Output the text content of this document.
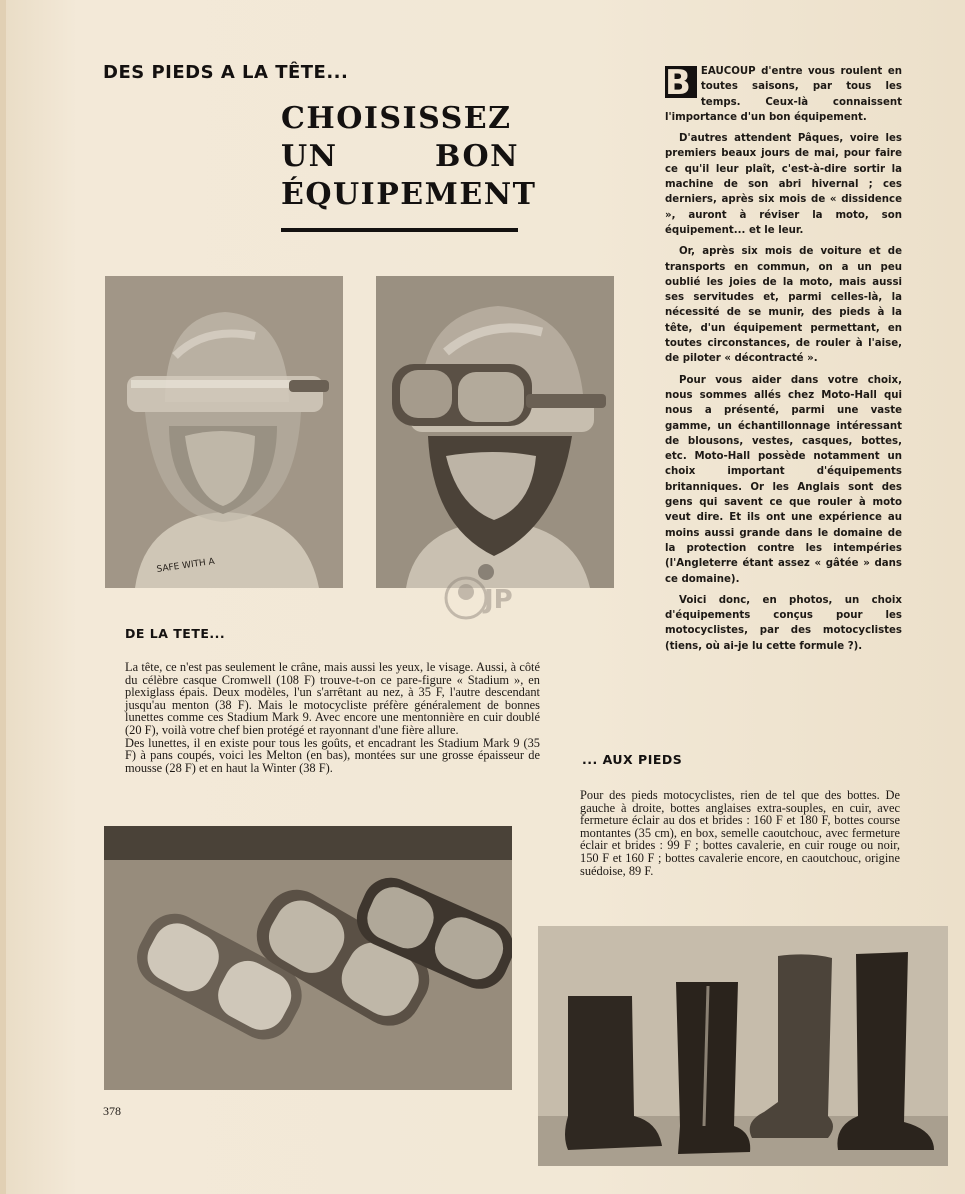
DES PIEDS A LA TÊTE...
CHOISISSEZ
UN	BON
ÉQUIPEMENT
SAFE WITH A
JP

B EAUCOUP d'entre vous roulent en toutes saisons, par tous les temps. Ceux-là connaissent l'importance d'un bon équipement.

D'autres attendent Pâques, voire les premiers beaux jours de mai, pour faire ce qu'il leur plaît, c'est-à-dire sortir la machine de son abri hivernal ; ces derniers, après six mois de « dissidence », auront à réviser la moto, son équipement... et le leur.

Or, après six mois de voiture et de transports en commun, on a un peu oublié les joies de la moto, mais aussi ses servitudes et, parmi celles-là, la nécessité de se munir, des pieds à la tête, d'un équipement permettant, en toutes circonstances, de rouler à l'aise, de piloter « décontracté ».

Pour vous aider dans votre choix, nous sommes allés chez Moto-Hall qui nous a présenté, parmi une vaste gamme, un échantillonnage intéressant de blousons, vestes, casques, bottes, etc. Moto-Hall possède notamment un choix important d'équipements britanniques. Or les Anglais sont des gens qui savent ce que rouler à moto veut dire. Et ils ont une expérience au moins aussi grande dans le domaine de la protection contre les intempéries (l'Angleterre étant assez « gâtée » dans ce domaine).

Voici donc, en photos, un choix d'équipements conçus pour les motocyclistes, par des motocyclistes (tiens, où ai-je lu cette formule ?).

DE LA TETE...

La tête, ce n'est pas seulement le crâne, mais aussi les yeux, le visage. Aussi, à côté du célèbre casque Cromwell (108 F) trouve-t-on ce pare-figure « Stadium », en plexiglass épais. Deux modèles, l'un s'arrêtant au nez, à 35 F, l'autre descendant jusqu'au menton (38 F). Mais le motocycliste préfère généralement de bonnes lunettes comme ces Stadium Mark 9. Avec encore une mentonnière en cuir doublé (20 F), voilà votre chef bien protégé et rayonnant d'une fière allure.

Des lunettes, il en existe pour tous les goûts, et encadrant les Stadium Mark 9 (35 F) à pans coupés, voici les Melton (en bas), montées sur une grosse épaisseur de mousse (28 F) et en haut la Winter (38 F).

... AUX PIEDS

Pour des pieds motocyclistes, rien de tel que des bottes. De gauche à droite, bottes anglaises extra-souples, en cuir, avec fermeture éclair au dos et brides : 160 F et 180 F, bottes course montantes (35 cm), en box, semelle caoutchouc, avec fermeture éclair et brides : 99 F ; bottes cavalerie, en cuir rouge ou noir, 150 F et 160 F ; bottes cavalerie encore, en caoutchouc, origine suédoise, 89 F.

378
